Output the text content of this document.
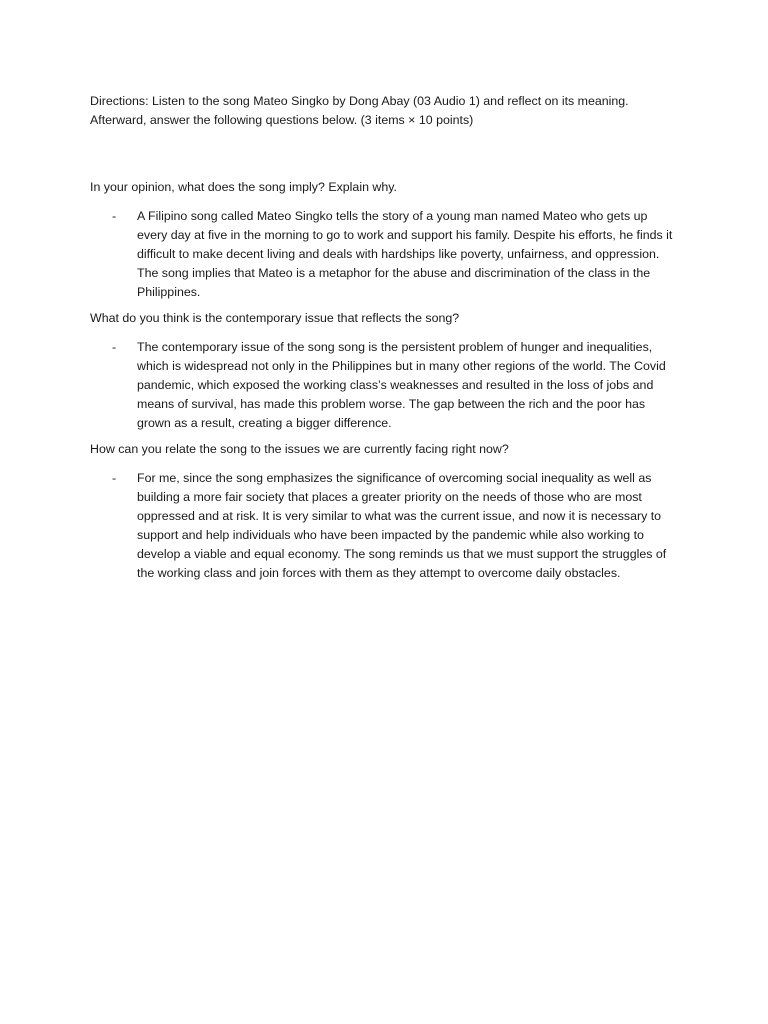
Directions: Listen to the song Mateo Singko by Dong Abay (03 Audio 1) and reflect on its meaning. Afterward, answer the following questions below. (3 items × 10 points)

In your opinion, what does the song imply? Explain why.

-	A Filipino song called Mateo Singko tells the story of a young man named Mateo who gets up every day at five in the morning to go to work and support his family. Despite his efforts, he finds it difficult to make decent living and deals with hardships like poverty, unfairness, and oppression. The song implies that Mateo is a metaphor for the abuse and discrimination of the class in the Philippines.

What do you think is the contemporary issue that reflects the song?

-	The contemporary issue of the song song is the persistent problem of hunger and inequalities, which is widespread not only in the Philippines but in many other regions of the world. The Covid pandemic, which exposed the working class’s weaknesses and resulted in the loss of jobs and means of survival, has made this problem worse. The gap between the rich and the poor has grown as a result, creating a bigger difference.

How can you relate the song to the issues we are currently facing right now?

-	For me, since the song emphasizes the significance of overcoming social inequality as well as building a more fair society that places a greater priority on the needs of those who are most oppressed and at risk. It is very similar to what was the current issue, and now it is necessary to support and help individuals who have been impacted by the pandemic while also working to develop a viable and equal economy. The song reminds us that we must support the struggles of the working class and join forces with them as they attempt to overcome daily obstacles.
